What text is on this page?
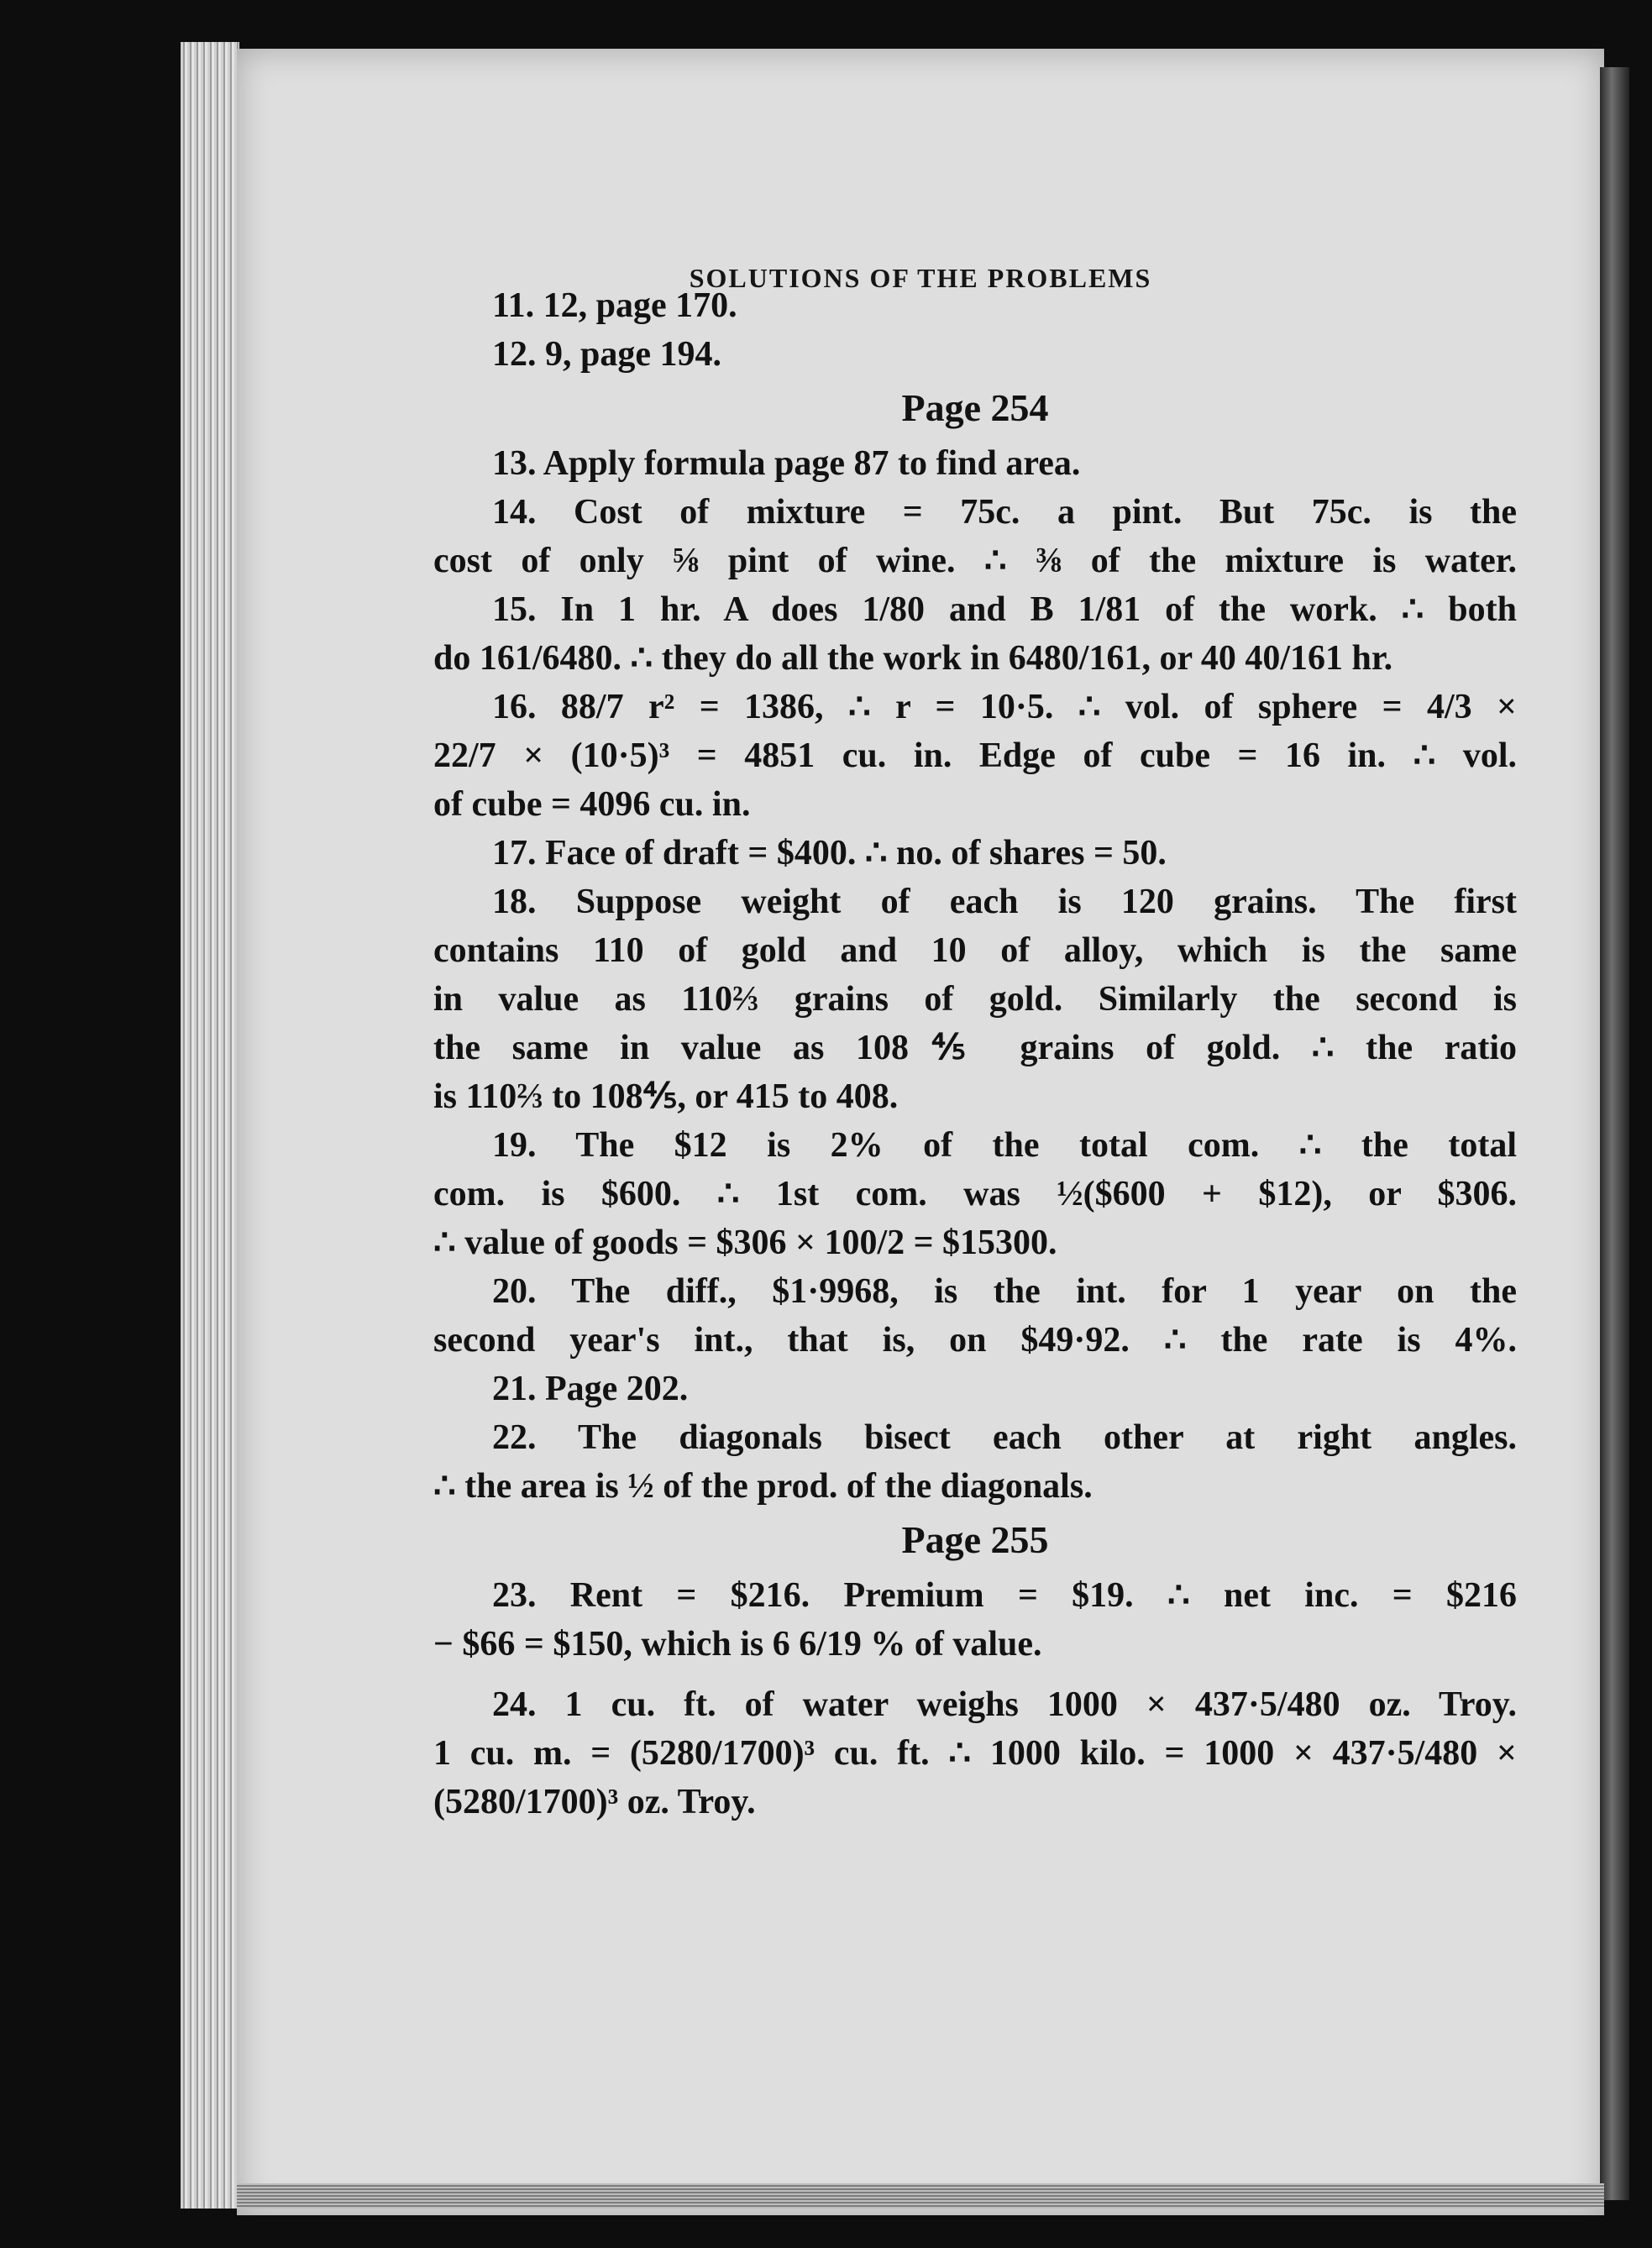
SOLUTIONS OF THE PROBLEMS
11. 12, page 170.
12. 9, page 194.
Page 254
13. Apply formula page 87 to find area.
14. Cost of mixture = 75c. a pint. But 75c. is the
cost of only ⅝ pint of wine. ∴ ⅜ of the mixture is water.
15. In 1 hr. A does 1/80 and B 1/81 of the work. ∴ both
do 161/6480. ∴ they do all the work in 6480/161, or 40 40/161 hr.
16. 88/7 r² = 1386, ∴ r = 10·5. ∴ vol. of sphere = 4/3 ×
22/7 × (10·5)³ = 4851 cu. in. Edge of cube = 16 in. ∴ vol.
of cube = 4096 cu. in.
17. Face of draft = $400. ∴ no. of shares = 50.
18. Suppose weight of each is 120 grains. The first
contains 110 of gold and 10 of alloy, which is the same
in value as 110⅔ grains of gold. Similarly the second is
the same in value as 108⅘ grains of gold. ∴ the ratio
is 110⅔ to 108⅘, or 415 to 408.
19. The $12 is 2% of the total com. ∴ the total
com. is $600. ∴ 1st com. was ½($600 + $12), or $306.
∴ value of goods = $306 × 100/2 = $15300.
20. The diff., $1·9968, is the int. for 1 year on the
second year's int., that is, on $49·92. ∴ the rate is 4%.
21. Page 202.
22. The diagonals bisect each other at right angles.
∴ the area is ½ of the prod. of the diagonals.
Page 255
23. Rent = $216. Premium = $19. ∴ net inc. = $216
− $66 = $150, which is 6 6/19 % of value.
24. 1 cu. ft. of water weighs 1000 × 437·5/480 oz. Troy.
1 cu. m. = (5280/1700)³ cu. ft. ∴ 1000 kilo. = 1000 × 437·5/480 ×
(5280/1700)³ oz. Troy.
